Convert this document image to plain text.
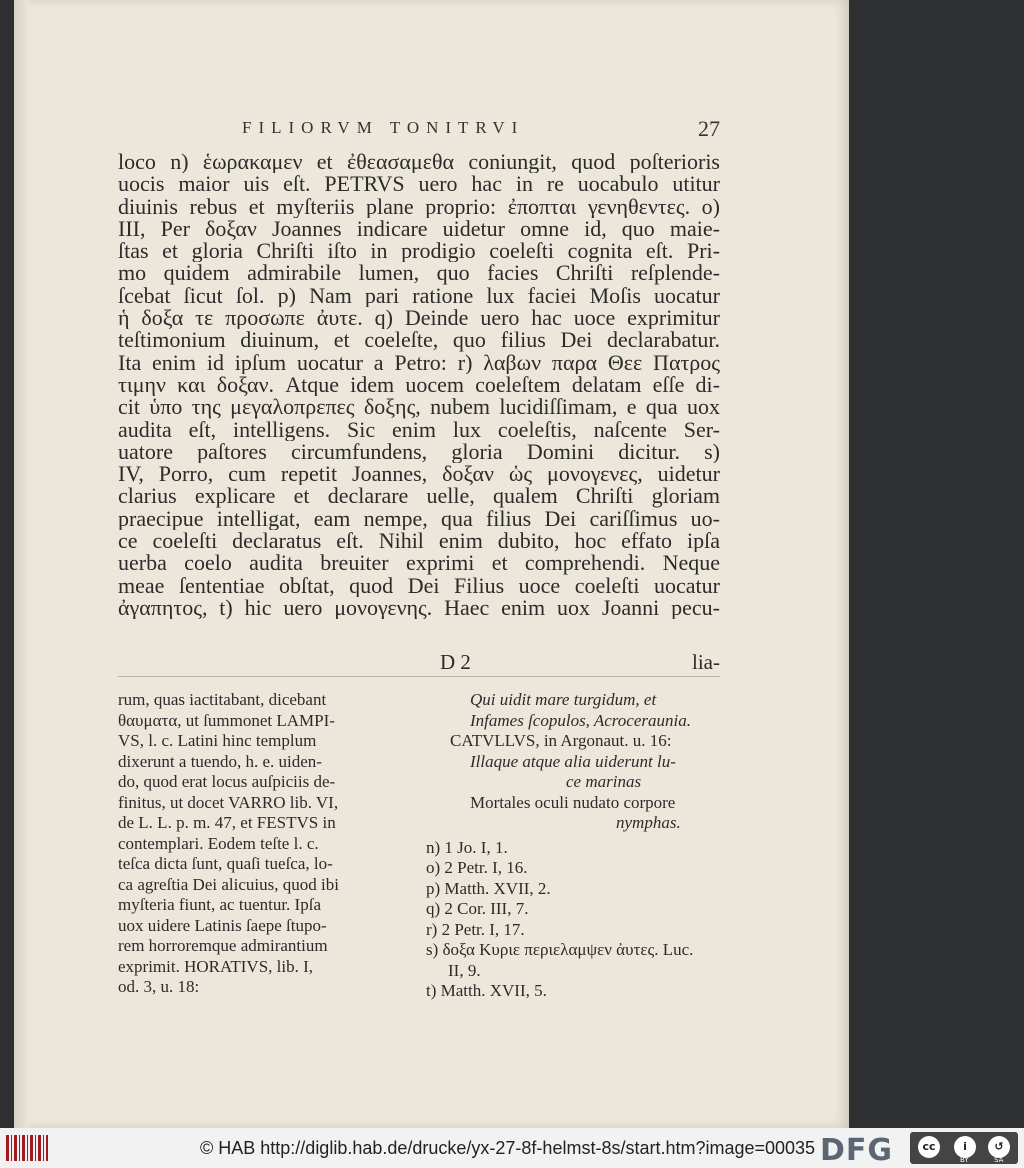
FILIORVM TONITRVI	27
loco n) ἑωρακαμεν et ἐθεασαμεθα coniungit, quod poſterioris
uocis maior uis eſt. PETRVS uero hac in re uocabulo utitur
diuinis rebus et myſteriis plane proprio: ἐποπται γενηθεντες. o)
III, Per δοξαν Joannes indicare uidetur omne id, quo maie-
ſtas et gloria Chriſti iſto in prodigio coeleſti cognita eſt. Pri-
mo quidem admirabile lumen, quo facies Chriſti reſplende-
ſcebat ſicut ſol. p) Nam pari ratione lux faciei Moſis uocatur
ἡ δοξα τε προσωπε ἀυτε. q) Deinde uero hac uoce exprimitur
teſtimonium diuinum, et coeleſte, quo filius Dei declarabatur.
Ita enim id ipſum uocatur a Petro: r) λαβων παρα Θεε Πατρος
τιμην και δοξαν. Atque idem uocem coeleſtem delatam eſſe di-
cit ὑπο της μεγαλοπρεπες δοξης, nubem lucidiſſimam, e qua uox
audita eſt, intelligens. Sic enim lux coeleſtis, naſcente Ser-
uatore paſtores circumfundens, gloria Domini dicitur. s)
IV, Porro, cum repetit Joannes, δοξαν ὡς μονογενες, uidetur
clarius explicare et declarare uelle, qualem Chriſti gloriam
praecipue intelligat, eam nempe, qua filius Dei cariſſimus uo-
ce coeleſti declaratus eſt. Nihil enim dubito, hoc effato ipſa
uerba coelo audita breuiter exprimi et comprehendi. Neque
meae ſententiae obſtat, quod Dei Filius uoce coeleſti uocatur
ἀγαπητος, t) hic uero μονογενης. Haec enim uox Joanni pecu-
D 2	lia-
rum, quas iactitabant, dicebant
θαυματα, ut ſummonet LAMPI-
VS, l. c. Latini hinc templum
dixerunt a tuendo, h. e. uiden-
do, quod erat locus auſpiciis de-
finitus, ut docet VARRO lib. VI,
de L. L. p. m. 47, et FESTVS in
contemplari. Eodem teſte l. c.
teſca dicta ſunt, quaſi tueſca, lo-
ca agreſtia Dei alicuius, quod ibi
myſteria fiunt, ac tuentur. Ipſa
uox uidere Latinis ſaepe ſtupo-
rem horroremque admirantium
exprimit. HORATIVS, lib. I,
od. 3, u. 18:
Qui uidit mare turgidum, et
Infames ſcopulos, Acroceraunia.
CATVLLVS, in Argonaut. u. 16:
Illaque atque alia uiderunt lu-
ce marinas
Mortales oculi nudato corpore
nymphas.
n) 1 Jo. I, 1.
o) 2 Petr. I, 16.
p) Matth. XVII, 2.
q) 2 Cor. III, 7.
r) 2 Petr. I, 17.
s) δοξα Κυριε περιελαμψεν ἀυτες. Luc.
II, 9.
t) Matth. XVII, 5.
© HAB http://diglib.hab.de/drucke/yx-27-8f-helmst-8s/start.htm?image=00035 DFG	cc	i	↺
BY	SA
